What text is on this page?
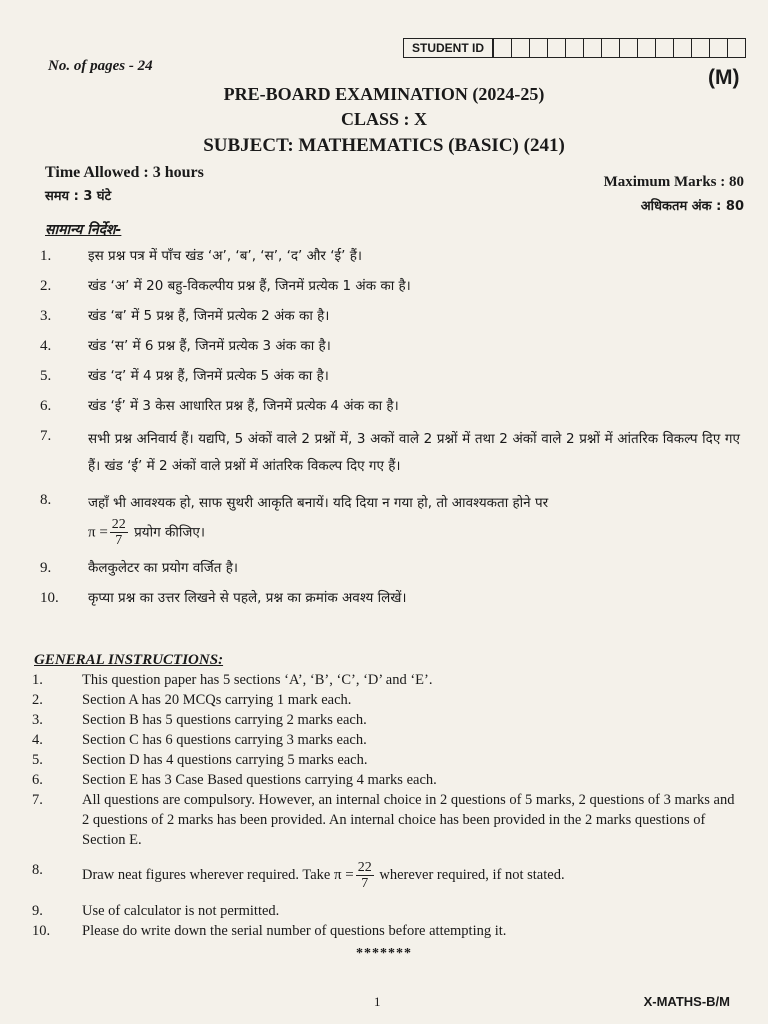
STUDENT ID
No. of pages - 24	(M)
PRE-BOARD EXAMINATION (2024-25)
CLASS : X
SUBJECT: MATHEMATICS (BASIC) (241)
Time Allowed : 3 hours
समय : 3 घंटे
Maximum Marks : 80
अधिकतम अंक : 80
सामान्य निर्देश-
1.	इस प्रश्न पत्र में पाँच खंड ‘अ’, ‘ब’, ‘स’, ‘द’ और ‘ई’ हैं।
2.	खंड ‘अ’ में 20 बहु-विकल्पीय प्रश्न हैं, जिनमें प्रत्येक 1 अंक का है।
3.	खंड ‘ब’ में 5 प्रश्न हैं, जिनमें प्रत्येक 2 अंक का है।
4.	खंड ‘स’ में 6 प्रश्न हैं, जिनमें प्रत्येक 3 अंक का है।
5.	खंड ‘द’ में 4 प्रश्न हैं, जिनमें प्रत्येक 5 अंक का है।
6.	खंड ‘ई’ में 3 केस आधारित प्रश्न हैं, जिनमें प्रत्येक 4 अंक का है।
7.	सभी प्रश्न अनिवार्य हैं। यद्यपि, 5 अंकों वाले 2 प्रश्नों में, 3 अकों वाले 2 प्रश्नों में तथा 2 अंकों वाले 2 प्रश्नों में आंतरिक विकल्प दिए गए हैं। खंड ‘ई’ में 2 अंकों वाले प्रश्नों में आंतरिक विकल्प दिए गए हैं।
8.	जहाँ भी आवश्यक हो, साफ सुथरी आकृति बनायें। यदि दिया न गया हो, तो आवश्यकता होने पर
$\pi = \frac{22}{7}$ प्रयोग कीजिए।
9.	कैलकुलेटर का प्रयोग वर्जित है।
10.	कृप्या प्रश्न का उत्तर लिखने से पहले, प्रश्न का क्रमांक अवश्य लिखें।
GENERAL INSTRUCTIONS:
1.	This question paper has 5 sections ‘A’, ‘B’, ‘C’, ‘D’ and ‘E’.
2.	Section A has 20 MCQs carrying 1 mark each.
3.	Section B has 5 questions carrying 2 marks each.
4.	Section C has 6 questions carrying 3 marks each.
5.	Section D has 4 questions carrying 5 marks each.
6.	Section E has 3 Case Based questions carrying 4 marks each.
7.	All questions are compulsory. However, an internal choice in 2 questions of 5 marks, 2 questions of 3 marks and 2 questions of 2 marks has been provided. An internal choice has been provided in the 2 marks questions of Section E.
8.	Draw neat figures wherever required. Take $\pi = \frac{22}{7}$ wherever required, if not stated.
9.	Use of calculator is not permitted.
10.	Please do write down the serial number of questions before attempting it.
*******
1	X-MATHS-B/M
